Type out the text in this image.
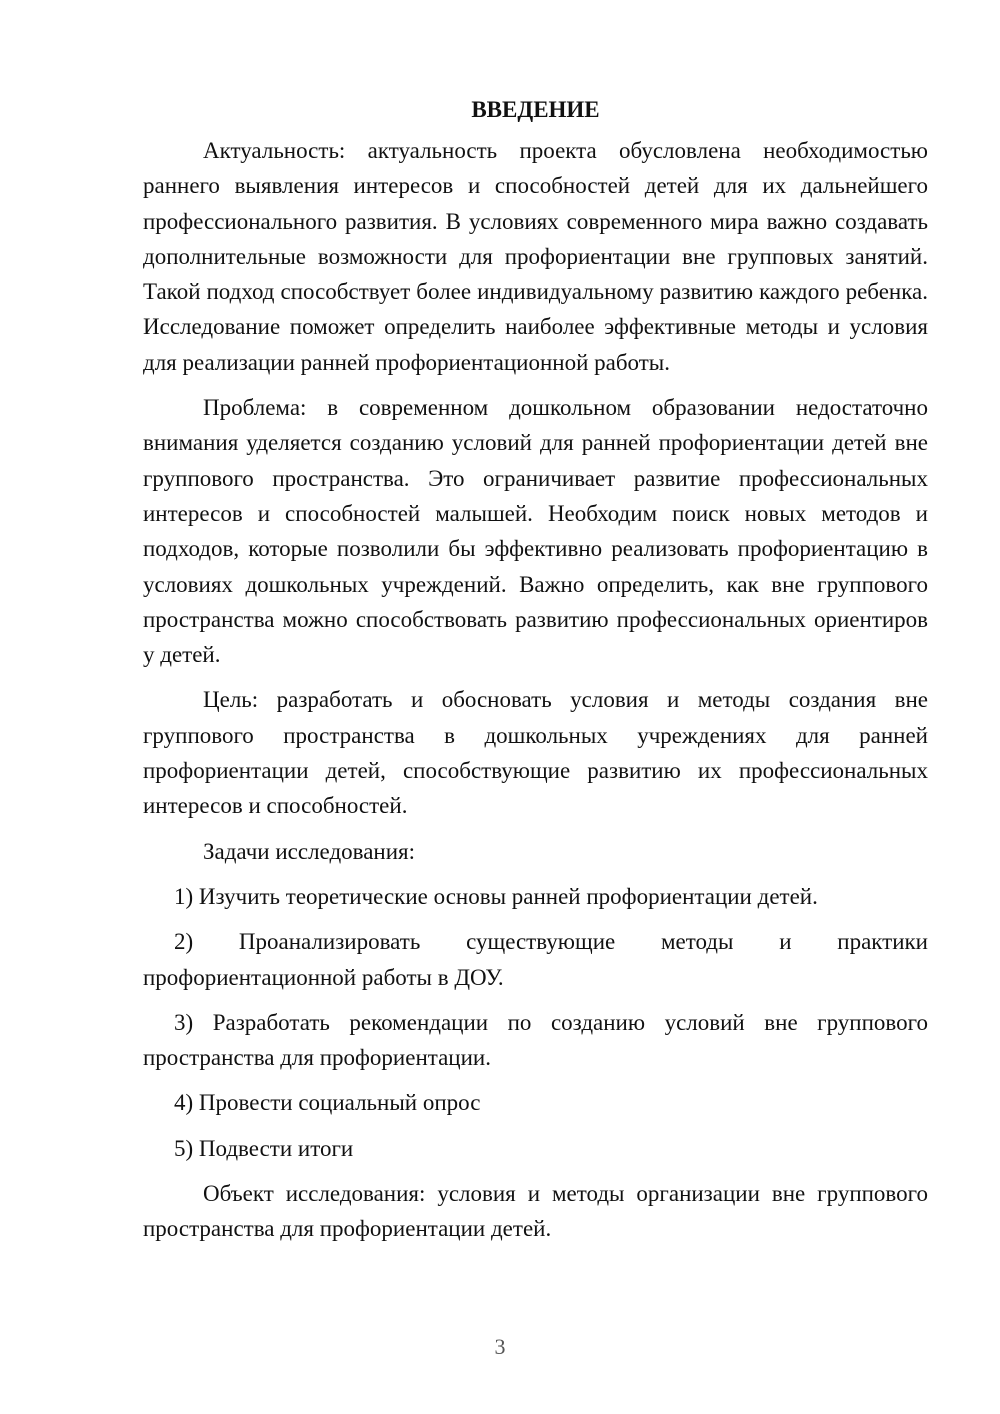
ВВЕДЕНИЕ

Актуальность: актуальность проекта обусловлена необходимостью раннего выявления интересов и способностей детей для их дальнейшего профессионального развития. В условиях современного мира важно создавать дополнительные возможности для профориентации вне групповых занятий. Такой подход способствует более индивидуальному развитию каждого ребенка. Исследование поможет определить наиболее эффективные методы и условия для реализации ранней профориентационной работы.

Проблема: в современном дошкольном образовании недостаточно внимания уделяется созданию условий для ранней профориентации детей вне группового пространства. Это ограничивает развитие профессиональных интересов и способностей малышей. Необходим поиск новых методов и подходов, которые позволили бы эффективно реализовать профориентацию в условиях дошкольных учреждений. Важно определить, как вне группового пространства можно способствовать развитию профессиональных ориентиров у детей.

Цель: разработать и обосновать условия и методы создания вне группового пространства в дошкольных учреждениях для ранней профориентации детей, способствующие развитию их профессиональных интересов и способностей.

Задачи исследования:

1) Изучить теоретические основы ранней профориентации детей.

2) Проанализировать существующие методы и практики профориентационной работы в ДОУ.

3) Разработать рекомендации по созданию условий вне группового пространства для профориентации.

4) Провести социальный опрос

5) Подвести итоги

Объект исследования: условия и методы организации вне группового пространства для профориентации детей.

3
